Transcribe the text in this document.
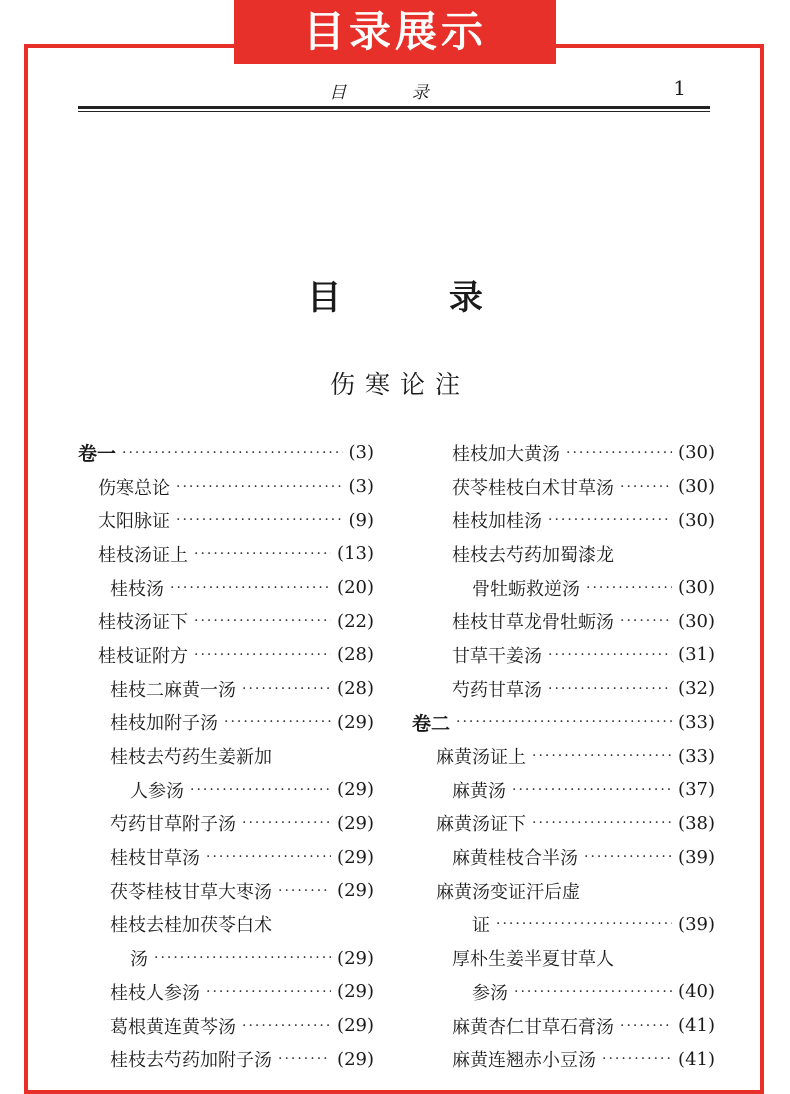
目录展示
目 录	1
目 录
伤寒论注
卷一 ·····	(3)
伤寒总论 ·····	(3)
太阳脉证 ·····	(9)
桂枝汤证上 ·····	(13)
桂枝汤 ·····	(20)
桂枝汤证下 ·····	(22)
桂枝证附方 ·····	(28)
桂枝二麻黄一汤 ·····	(28)
桂枝加附子汤 ·····	(29)
桂枝去芍药生姜新加
人参汤 ·····	(29)
芍药甘草附子汤 ·····	(29)
桂枝甘草汤 ·····	(29)
茯苓桂枝甘草大枣汤 ·····	(29)
桂枝去桂加茯苓白术
汤 ·····	(29)
桂枝人参汤 ·····	(29)
葛根黄连黄芩汤 ·····	(29)
桂枝去芍药加附子汤 ·····	(29)
桂枝加大黄汤 ·····	(30)
茯苓桂枝白术甘草汤 ·····	(30)
桂枝加桂汤 ·····	(30)
桂枝去芍药加蜀漆龙
骨牡蛎救逆汤 ·····	(30)
桂枝甘草龙骨牡蛎汤 ·····	(30)
甘草干姜汤 ·····	(31)
芍药甘草汤 ·····	(32)
卷二 ·····	(33)
麻黄汤证上 ·····	(33)
麻黄汤 ·····	(37)
麻黄汤证下 ·····	(38)
麻黄桂枝合半汤 ·····	(39)
麻黄汤变证汗后虚
证 ·····	(39)
厚朴生姜半夏甘草人
参汤 ·····	(40)
麻黄杏仁甘草石膏汤 ·····	(41)
麻黄连翘赤小豆汤 ·····	(41)
